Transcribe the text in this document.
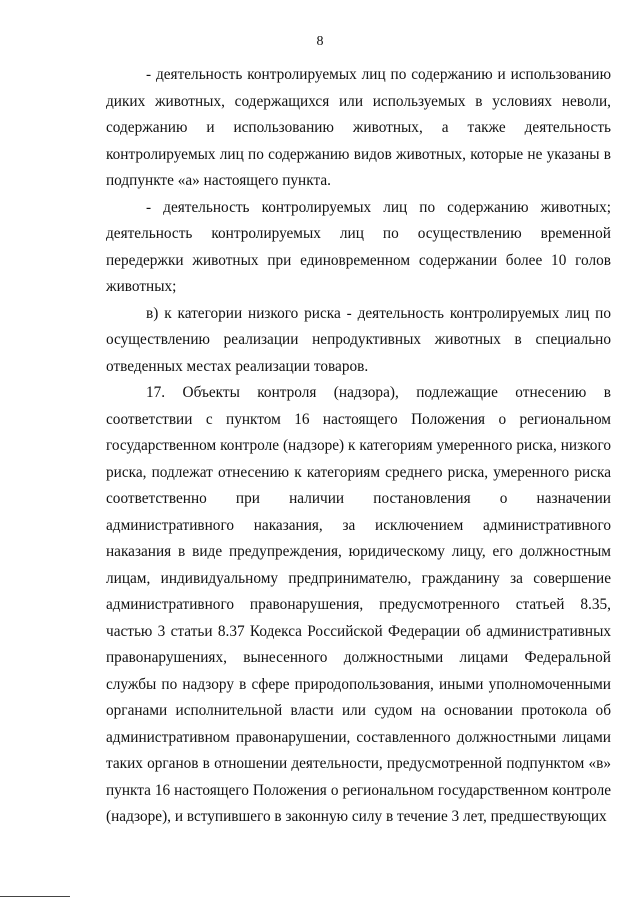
8

- деятельность контролируемых лиц по содержанию и использованию диких животных, содержащихся или используемых в условиях неволи, содержанию и использованию животных, а также деятельность контролируемых лиц по содержанию видов животных, которые не указаны в подпункте «а» настоящего пункта.

- деятельность контролируемых лиц по содержанию животных; деятельность контролируемых лиц по осуществлению временной передержки животных при единовременном содержании более 10 голов животных;

в) к категории низкого риска - деятельность контролируемых лиц по осуществлению реализации непродуктивных животных в специально отведенных местах реализации товаров.

17. Объекты контроля (надзора), подлежащие отнесению в соответствии с пунктом 16 настоящего Положения о региональном государственном контроле (надзоре) к категориям умеренного риска, низкого риска, подлежат отнесению к категориям среднего риска, умеренного риска соответственно при наличии постановления о назначении административного наказания, за исключением административного наказания в виде предупреждения, юридическому лицу, его должностным лицам, индивидуальному предпринимателю, гражданину за совершение административного правонарушения, предусмотренного статьей 8.35, частью 3 статьи 8.37 Кодекса Российской Федерации об административных правонарушениях, вынесенного должностными лицами Федеральной службы по надзору в сфере природопользования, иными уполномоченными органами исполнительной власти или судом на основании протокола об административном правонарушении, составленного должностными лицами таких органов в отношении деятельности, предусмотренной подпунктом «в» пункта 16 настоящего Положения о региональном государственном контроле (надзоре), и вступившего в законную силу в течение 3 лет, предшествующих
